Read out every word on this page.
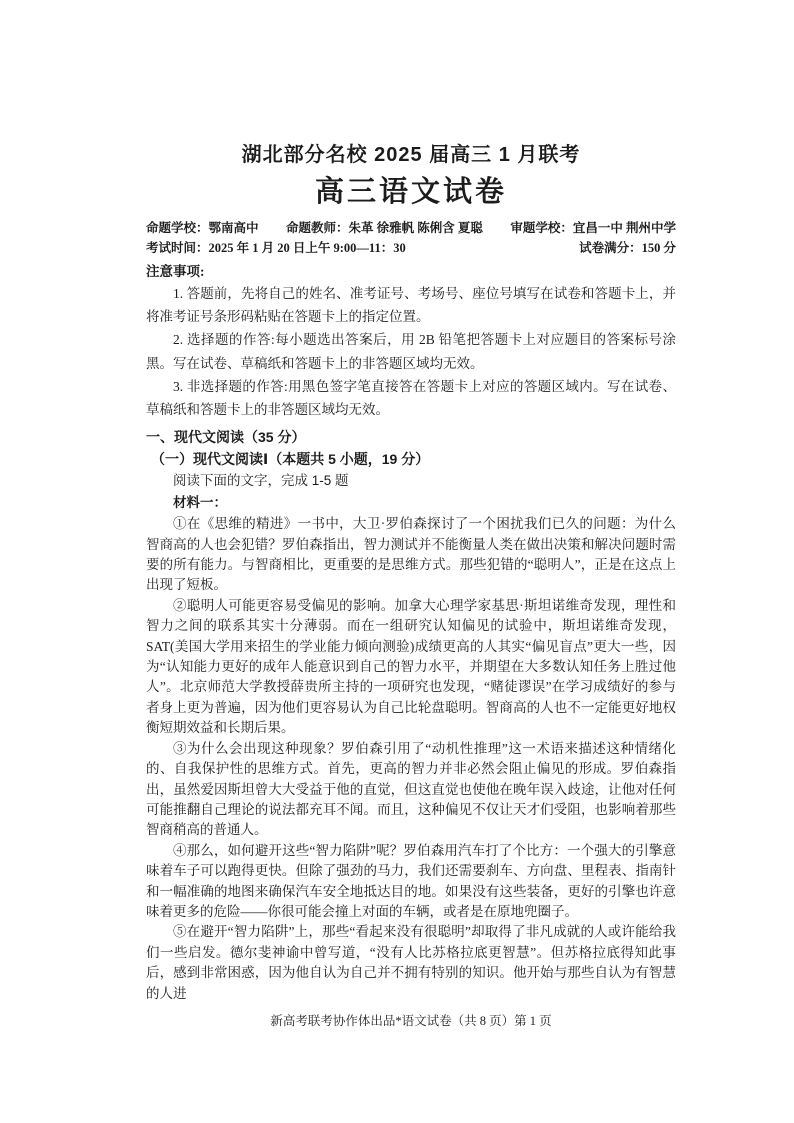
湖北部分名校 2025 届高三 1 月联考
高三语文试卷
命题学校：鄂南高中 命题教师：朱革 徐雅帆 陈俐含 夏聪 审题学校：宜昌一中 荆州中学
考试时间：2025 年 1 月 20 日上午 9:00—11：30	试卷满分：150 分
注意事项:

1. 答题前，先将自己的姓名、准考证号、考场号、座位号填写在试卷和答题卡上，并将准考证号条形码粘贴在答题卡上的指定位置。

2. 选择题的作答:每小题选出答案后，用 2B 铅笔把答题卡上对应题目的答案标号涂黑。写在试卷、草稿纸和答题卡上的非答题区域均无效。

3. 非选择题的作答:用黑色签字笔直接答在答题卡上对应的答题区域内。写在试卷、草稿纸和答题卡上的非答题区域均无效。

一、现代文阅读（35 分）
（一）现代文阅读Ⅰ（本题共 5 小题，19 分）
阅读下面的文字，完成 1-5 题
材料一：

①在《思维的精进》一书中，大卫·罗伯森探讨了一个困扰我们已久的问题：为什么智商高的人也会犯错？罗伯森指出，智力测试并不能衡量人类在做出决策和解决问题时需要的所有能力。与智商相比，更重要的是思维方式。那些犯错的“聪明人”，正是在这点上出现了短板。

②聪明人可能更容易受偏见的影响。加拿大心理学家基思·斯坦诺维奇发现，理性和智力之间的联系其实十分薄弱。而在一组研究认知偏见的试验中，斯坦诺维奇发现，SAT(美国大学用来招生的学业能力倾向测验)成绩更高的人其实“偏见盲点”更大一些，因为“认知能力更好的成年人能意识到自己的智力水平，并期望在大多数认知任务上胜过他人”。北京师范大学教授薛贵所主持的一项研究也发现，“赌徒谬误”在学习成绩好的参与者身上更为普遍，因为他们更容易认为自己比轮盘聪明。智商高的人也不一定能更好地权衡短期效益和长期后果。

③为什么会出现这种现象？罗伯森引用了“动机性推理”这一术语来描述这种情绪化的、自我保护性的思维方式。首先，更高的智力并非必然会阻止偏见的形成。罗伯森指出，虽然爱因斯坦曾大大受益于他的直觉，但这直觉也使他在晚年误入歧途，让他对任何可能推翻自己理论的说法都充耳不闻。而且，这种偏见不仅让天才们受阻，也影响着那些智商稍高的普通人。

④那么，如何避开这些“智力陷阱”呢？罗伯森用汽车打了个比方：一个强大的引擎意味着车子可以跑得更快。但除了强劲的马力，我们还需要刹车、方向盘、里程表、指南针和一幅准确的地图来确保汽车安全地抵达目的地。如果没有这些装备，更好的引擎也许意味着更多的危险——你很可能会撞上对面的车辆，或者是在原地兜圈子。

⑤在避开“智力陷阱”上，那些“看起来没有很聪明”却取得了非凡成就的人或许能给我们一些启发。德尔斐神谕中曾写道，“没有人比苏格拉底更智慧”。但苏格拉底得知此事后，感到非常困惑，因为他自认为自己并不拥有特别的知识。他开始与那些自认为有智慧的人进

新高考联考协作体出品*语文试卷（共 8 页）第 1 页
